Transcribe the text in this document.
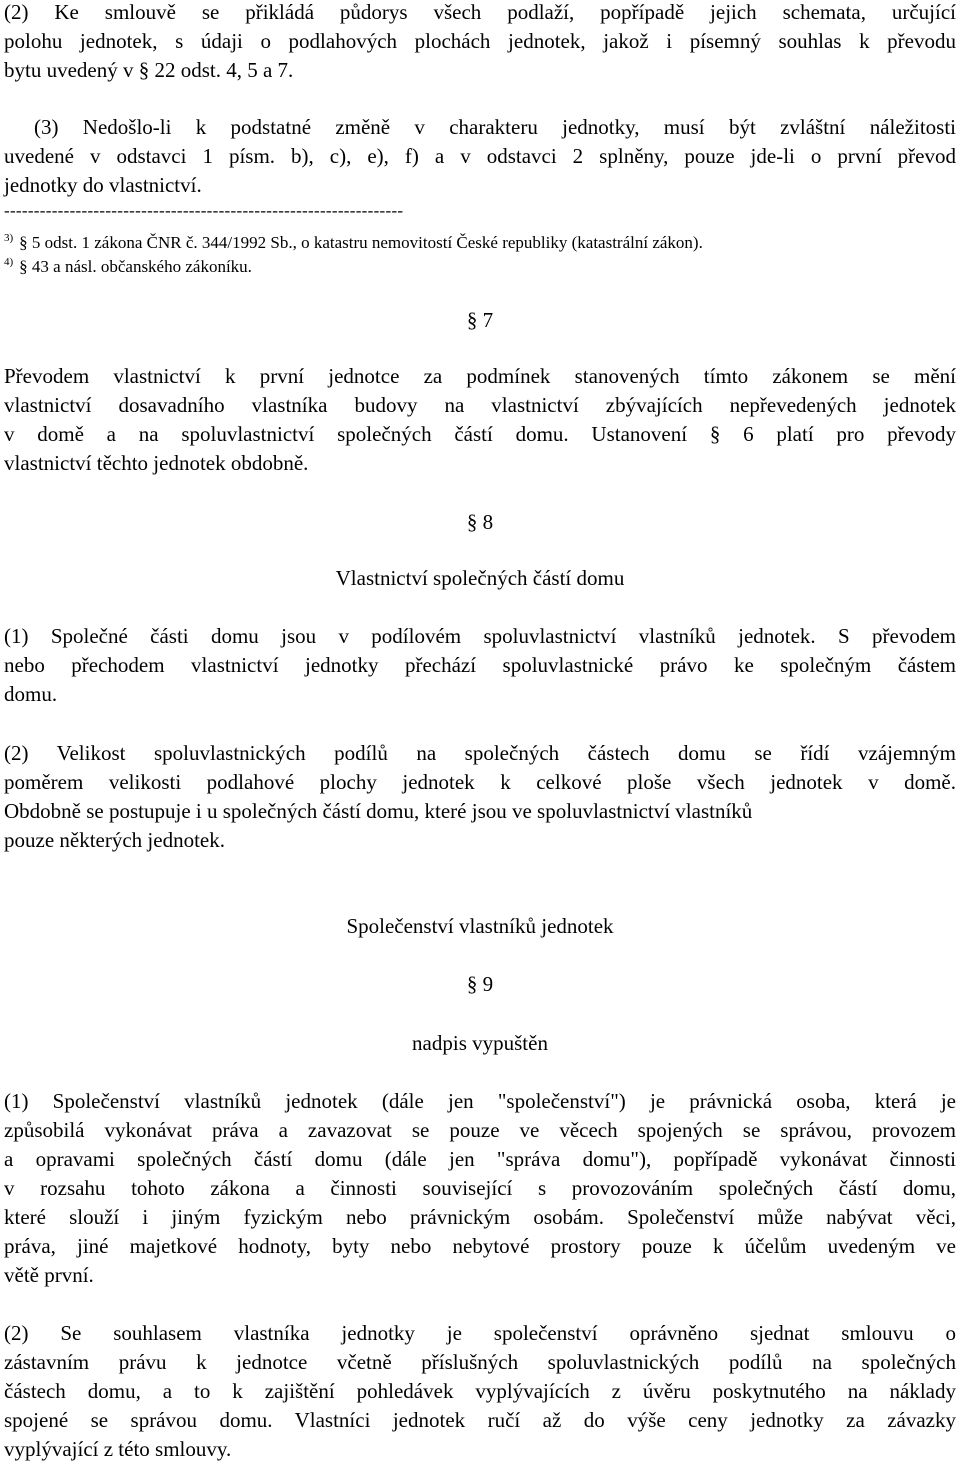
(2) Ke smlouvě se přikládá půdorys všech podlaží, popřípadě jejich schemata, určující
polohu jednotek, s údaji o podlahových plochách jednotek, jakož i písemný souhlas k převodu
bytu uvedený v § 22 odst. 4, 5 a 7.
(3) Nedošlo-li k podstatné změně v charakteru jednotky, musí být zvláštní náležitosti
uvedené v odstavci 1 písm. b), c), e), f) a v odstavci 2 splněny, pouze jde-li o první převod
jednotky do vlastnictví.
-------------------------------------------------------------------
$^{3)}$ § 5 odst. 1 zákona ČNR č. 344/1992 Sb., o katastru nemovitostí České republiky (katastrální zákon).
$^{4)}$ § 43 a násl. občanského zákoníku.
§ 7
Převodem vlastnictví k první jednotce za podmínek stanovených tímto zákonem se mění
vlastnictví dosavadního vlastníka budovy na vlastnictví zbývajících nepřevedených jednotek
v domě a na spoluvlastnictví společných částí domu. Ustanovení § 6 platí pro převody
vlastnictví těchto jednotek obdobně.
§ 8
Vlastnictví společných částí domu
(1) Společné části domu jsou v podílovém spoluvlastnictví vlastníků jednotek. S převodem
nebo přechodem vlastnictví jednotky přechází spoluvlastnické právo ke společným částem
domu.
(2) Velikost spoluvlastnických podílů na společných částech domu se řídí vzájemným
poměrem velikosti podlahové plochy jednotek k celkové ploše všech jednotek v domě.
Obdobně se postupuje i u společných částí domu, které jsou ve spoluvlastnictví vlastníků
pouze některých jednotek.
Společenství vlastníků jednotek
§ 9
nadpis vypuštěn
(1) Společenství vlastníků jednotek (dále jen "společenství") je právnická osoba, která je
způsobilá vykonávat práva a zavazovat se pouze ve věcech spojených se správou, provozem
a opravami společných částí domu (dále jen "správa domu"), popřípadě vykonávat činnosti
v rozsahu tohoto zákona a činnosti související s provozováním společných částí domu,
které slouží i jiným fyzickým nebo právnickým osobám. Společenství může nabývat věci,
práva, jiné majetkové hodnoty, byty nebo nebytové prostory pouze k účelům uvedeným ve
větě první.
(2) Se souhlasem vlastníka jednotky je společenství oprávněno sjednat smlouvu o
zástavním právu k jednotce včetně příslušných spoluvlastnických podílů na společných
částech domu, a to k zajištění pohledávek vyplývajících z úvěru poskytnutého na náklady
spojené se správou domu. Vlastníci jednotek ručí až do výše ceny jednotky za závazky
vyplývající z této smlouvy.
